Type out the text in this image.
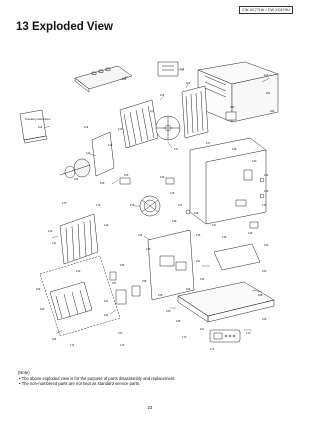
CW-XC77HU / CW-XC87HU
13 Exploded View
Operating Instructions
108
114
113
201
202
203
115
116
117
118	119
120
121
122
123
124
125
126
127
128
130
131
132
133
134
135
136
137
138
139
140
141
142
143
144
145
146
147
148
149
150
151
152
153
154
155
156
157
158
159
160
161
162
163
164
165
166
167
168
169
170
171
172
173
174
175
176
(Note)
• The above exploded view is for the purpose of parts disassembly and replacement.
• The non-numbered parts are not kept as standard service parts.
23
